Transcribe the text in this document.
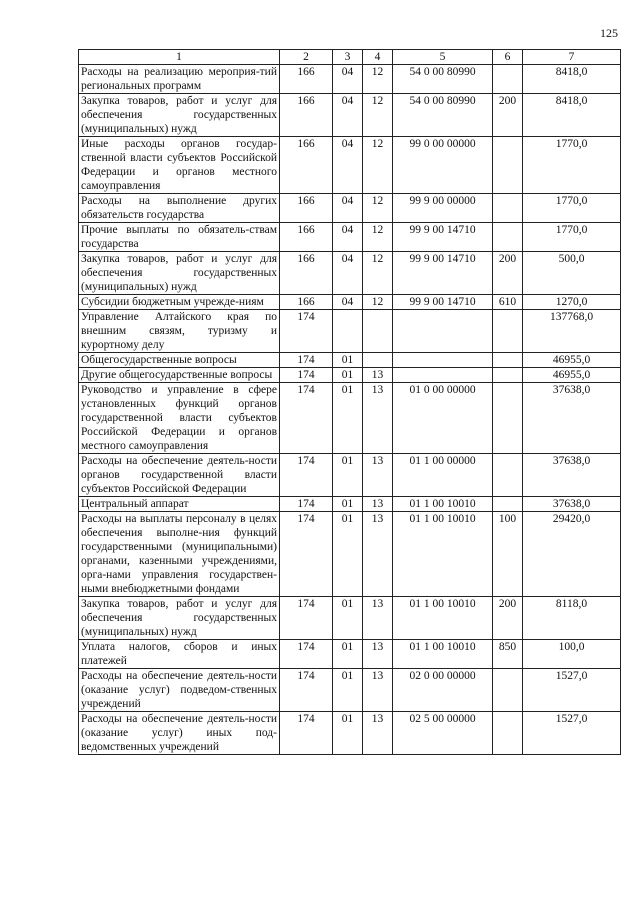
125
1	2	3	4	5	6	7
Расходы на реализацию мероприя-тий региональных программ	166	04	12	54 0 00 80990		8418,0
Закупка товаров, работ и услуг для обеспечения государственных (муниципальных) нужд	166	04	12	54 0 00 80990	200	8418,0
Иные расходы органов государ-ственной власти субъектов Российской Федерации и органов местного самоуправления	166	04	12	99 0 00 00000		1770,0
Расходы на выполнение других обязательств государства	166	04	12	99 9 00 00000		1770,0
Прочие выплаты по обязатель-ствам государства	166	04	12	99 9 00 14710		1770,0
Закупка товаров, работ и услуг для обеспечения государственных (муниципальных) нужд	166	04	12	99 9 00 14710	200	500,0
Субсидии бюджетным учрежде-ниям	166	04	12	99 9 00 14710	610	1270,0
Управление Алтайского края по внешним связям, туризму и курортному делу	174					137768,0
Общегосударственные вопросы	174	01				46955,0
Другие общегосударственные вопросы	174	01	13			46955,0
Руководство и управление в сфере установленных функций органов государственной власти субъектов Российской Федерации и органов местного самоуправления	174	01	13	01 0 00 00000		37638,0
Расходы на обеспечение деятель-ности органов государственной власти субъектов Российской Федерации	174	01	13	01 1 00 00000		37638,0
Центральный аппарат	174	01	13	01 1 00 10010		37638,0
Расходы на выплаты персоналу в целях обеспечения выполне-ния функций государственными (муниципальными) органами, казенными учреждениями, орга-нами управления государствен-ными внебюджетными фондами	174	01	13	01 1 00 10010	100	29420,0
Закупка товаров, работ и услуг для обеспечения государственных (муниципальных) нужд	174	01	13	01 1 00 10010	200	8118,0
Уплата налогов, сборов и иных платежей	174	01	13	01 1 00 10010	850	100,0
Расходы на обеспечение деятель-ности (оказание услуг) подведом-ственных учреждений	174	01	13	02 0 00 00000		1527,0
Расходы на обеспечение деятель-ности (оказание услуг) иных под-ведомственных учреждений	174	01	13	02 5 00 00000		1527,0
